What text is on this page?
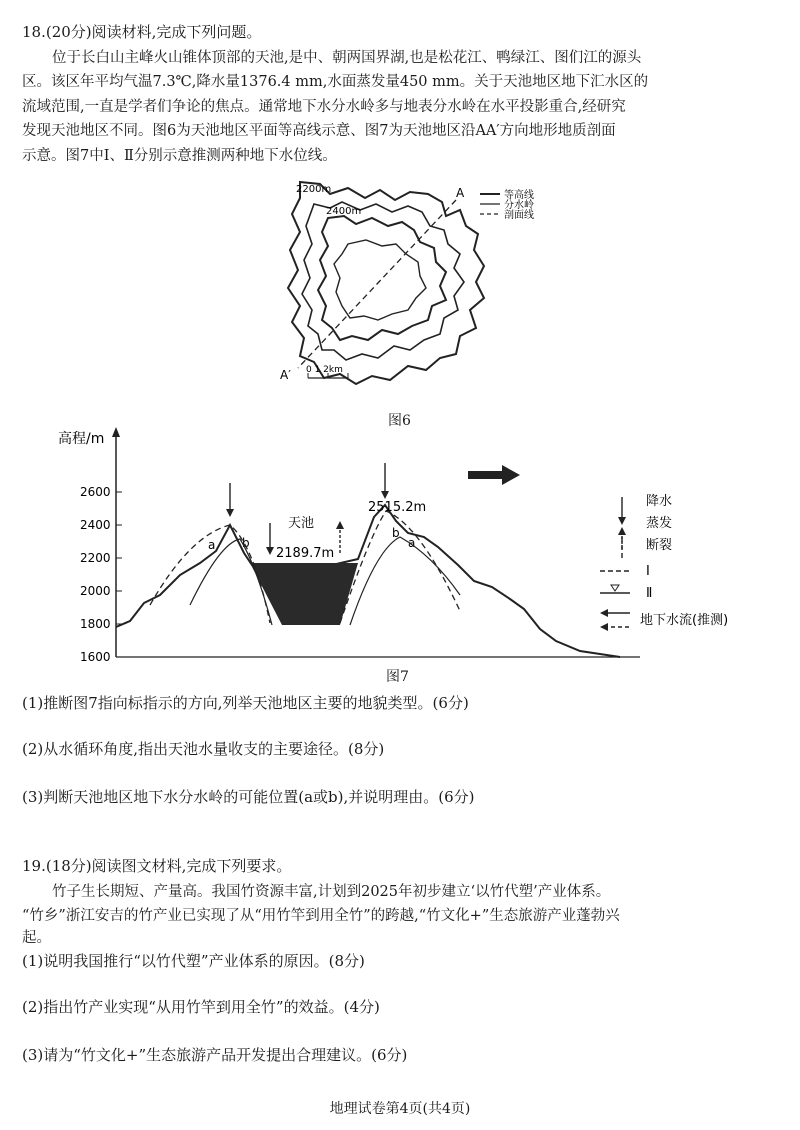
18.(20分)阅读材料,完成下列问题。
位于长白山主峰火山锥体顶部的天池,是中、朝两国界湖,也是松花江、鸭绿江、图们江的源头
区。该区年平均气温7.3℃,降水量1376.4 mm,水面蒸发量450 mm。关于天池地区地下汇水区的
流域范围,一直是学者们争论的焦点。通常地下水分水岭多与地表分水岭在水平投影重合,经研究
发现天池地区不同。图6为天池地区平面等高线示意、图7为天池地区沿AA′方向地形地质剖面
示意。图7中Ⅰ、Ⅱ分别示意推测两种地下水位线。
A
A′
2200m
2400m
0 1 2km
等高线
分水岭
剖面线
图6
高程/m
2600
2400
2200
2000
1800
1600
天池
2189.7m
2515.2m
a b
b
a
降水
蒸发
断裂
Ⅰ
Ⅱ
地下水流(推测)
图7
(1)推断图7指向标指示的方向,列举天池地区主要的地貌类型。(6分)
(2)从水循环角度,指出天池水量收支的主要途径。(8分)
(3)判断天池地区地下水分水岭的可能位置(a或b),并说明理由。(6分)
19.(18分)阅读图文材料,完成下列要求。
竹子生长期短、产量高。我国竹资源丰富,计划到2025年初步建立‘以竹代塑’产业体系。
“竹乡”浙江安吉的竹产业已实现了从“用竹竿到用全竹”的跨越,“竹文化+”生态旅游产业蓬勃兴
起。
(1)说明我国推行“以竹代塑”产业体系的原因。(8分)
(2)指出竹产业实现“从用竹竿到用全竹”的效益。(4分)
(3)请为“竹文化+”生态旅游产品开发提出合理建议。(6分)
地理试卷第4页(共4页)
